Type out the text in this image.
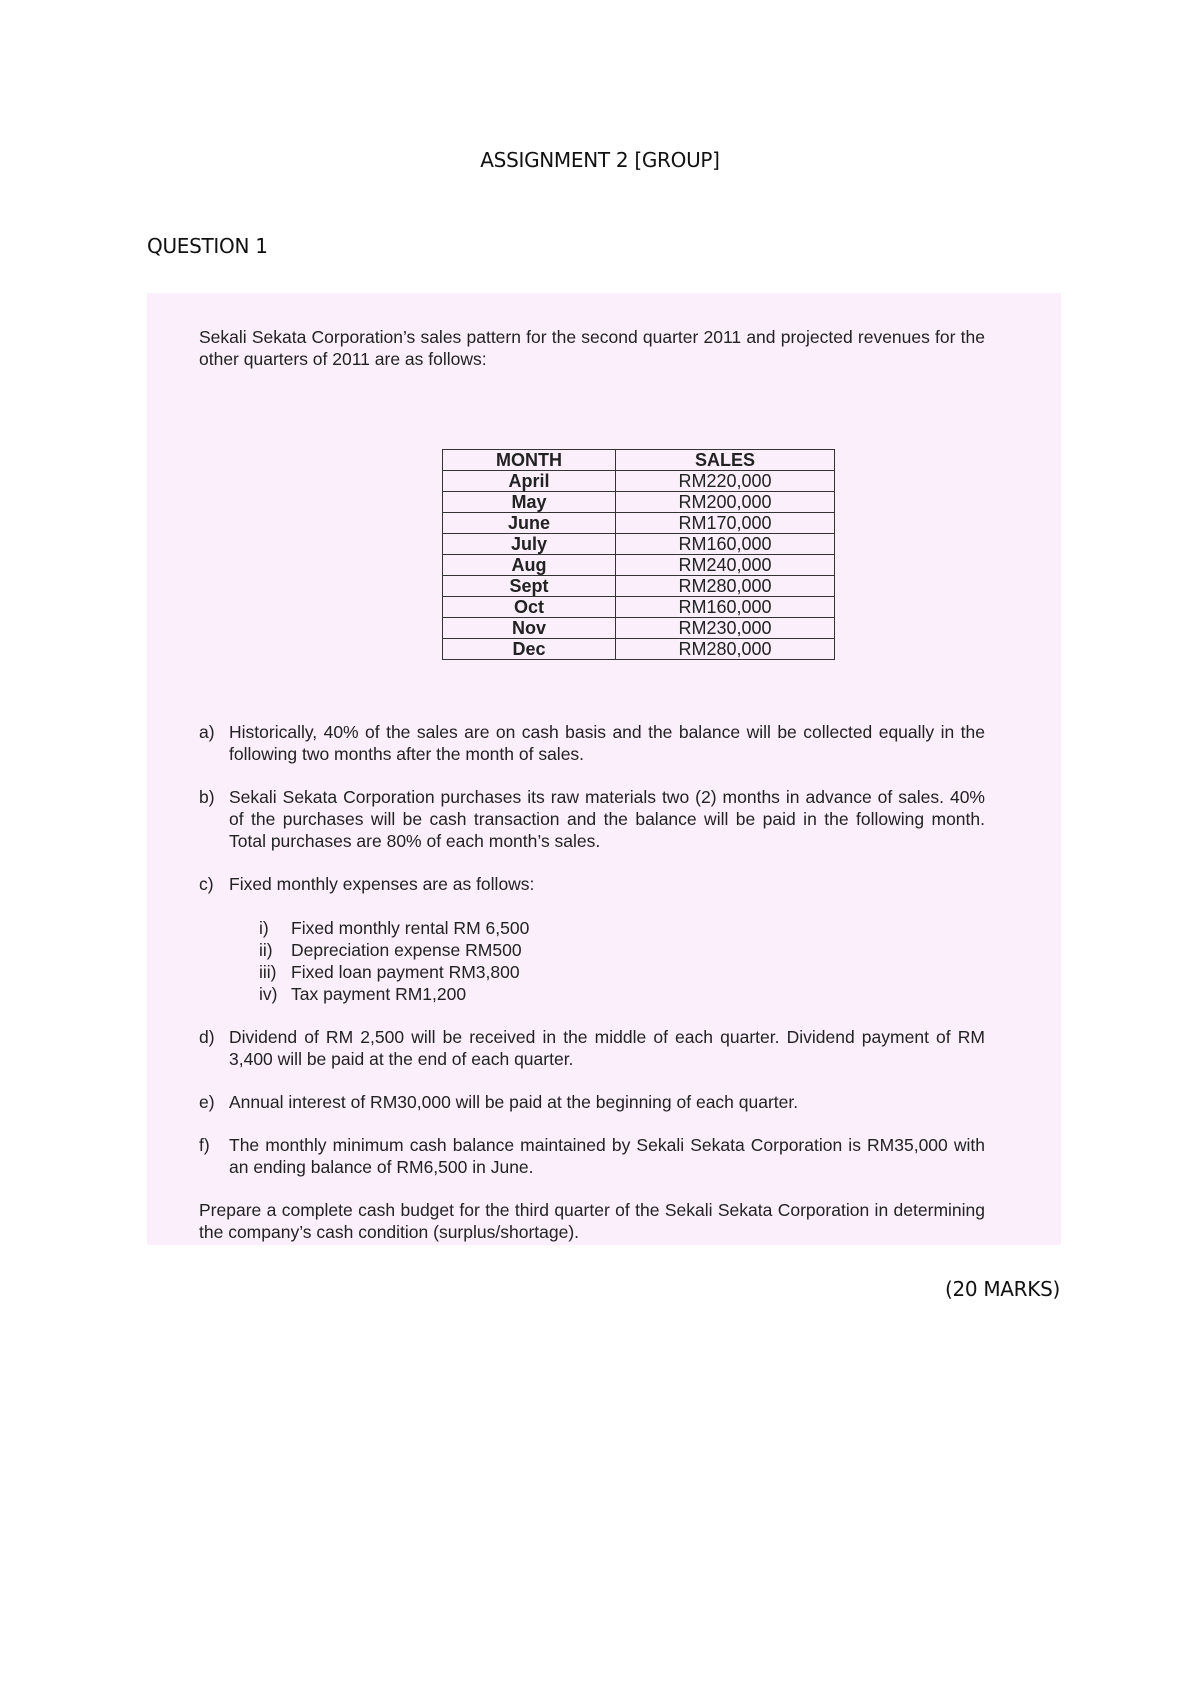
ASSIGNMENT 2 [GROUP]
QUESTION 1
Sekali Sekata Corporation’s sales pattern for the second quarter 2011 and projected revenues for the other quarters of 2011 are as follows:
MONTH	SALES
April	RM220,000
May	RM200,000
June	RM170,000
July	RM160,000
Aug	RM240,000
Sept	RM280,000
Oct	RM160,000
Nov	RM230,000
Dec	RM280,000
a) Historically, 40% of the sales are on cash basis and the balance will be collected equally in the following two months after the month of sales.
b) Sekali Sekata Corporation purchases its raw materials two (2) months in advance of sales. 40% of the purchases will be cash transaction and the balance will be paid in the following month. Total purchases are 80% of each month’s sales.
c) Fixed monthly expenses are as follows:
i)	Fixed monthly rental RM 6,500
ii)	Depreciation expense RM500
iii) Fixed loan payment RM3,800
iv) Tax payment RM1,200
d) Dividend of RM 2,500 will be received in the middle of each quarter. Dividend payment of RM 3,400 will be paid at the end of each quarter.
e) Annual interest of RM30,000 will be paid at the beginning of each quarter.
f)	The monthly minimum cash balance maintained by Sekali Sekata Corporation is RM35,000 with an ending balance of RM6,500 in June.
Prepare a complete cash budget for the third quarter of the Sekali Sekata Corporation in determining the company’s cash condition (surplus/shortage).
(20 MARKS)
